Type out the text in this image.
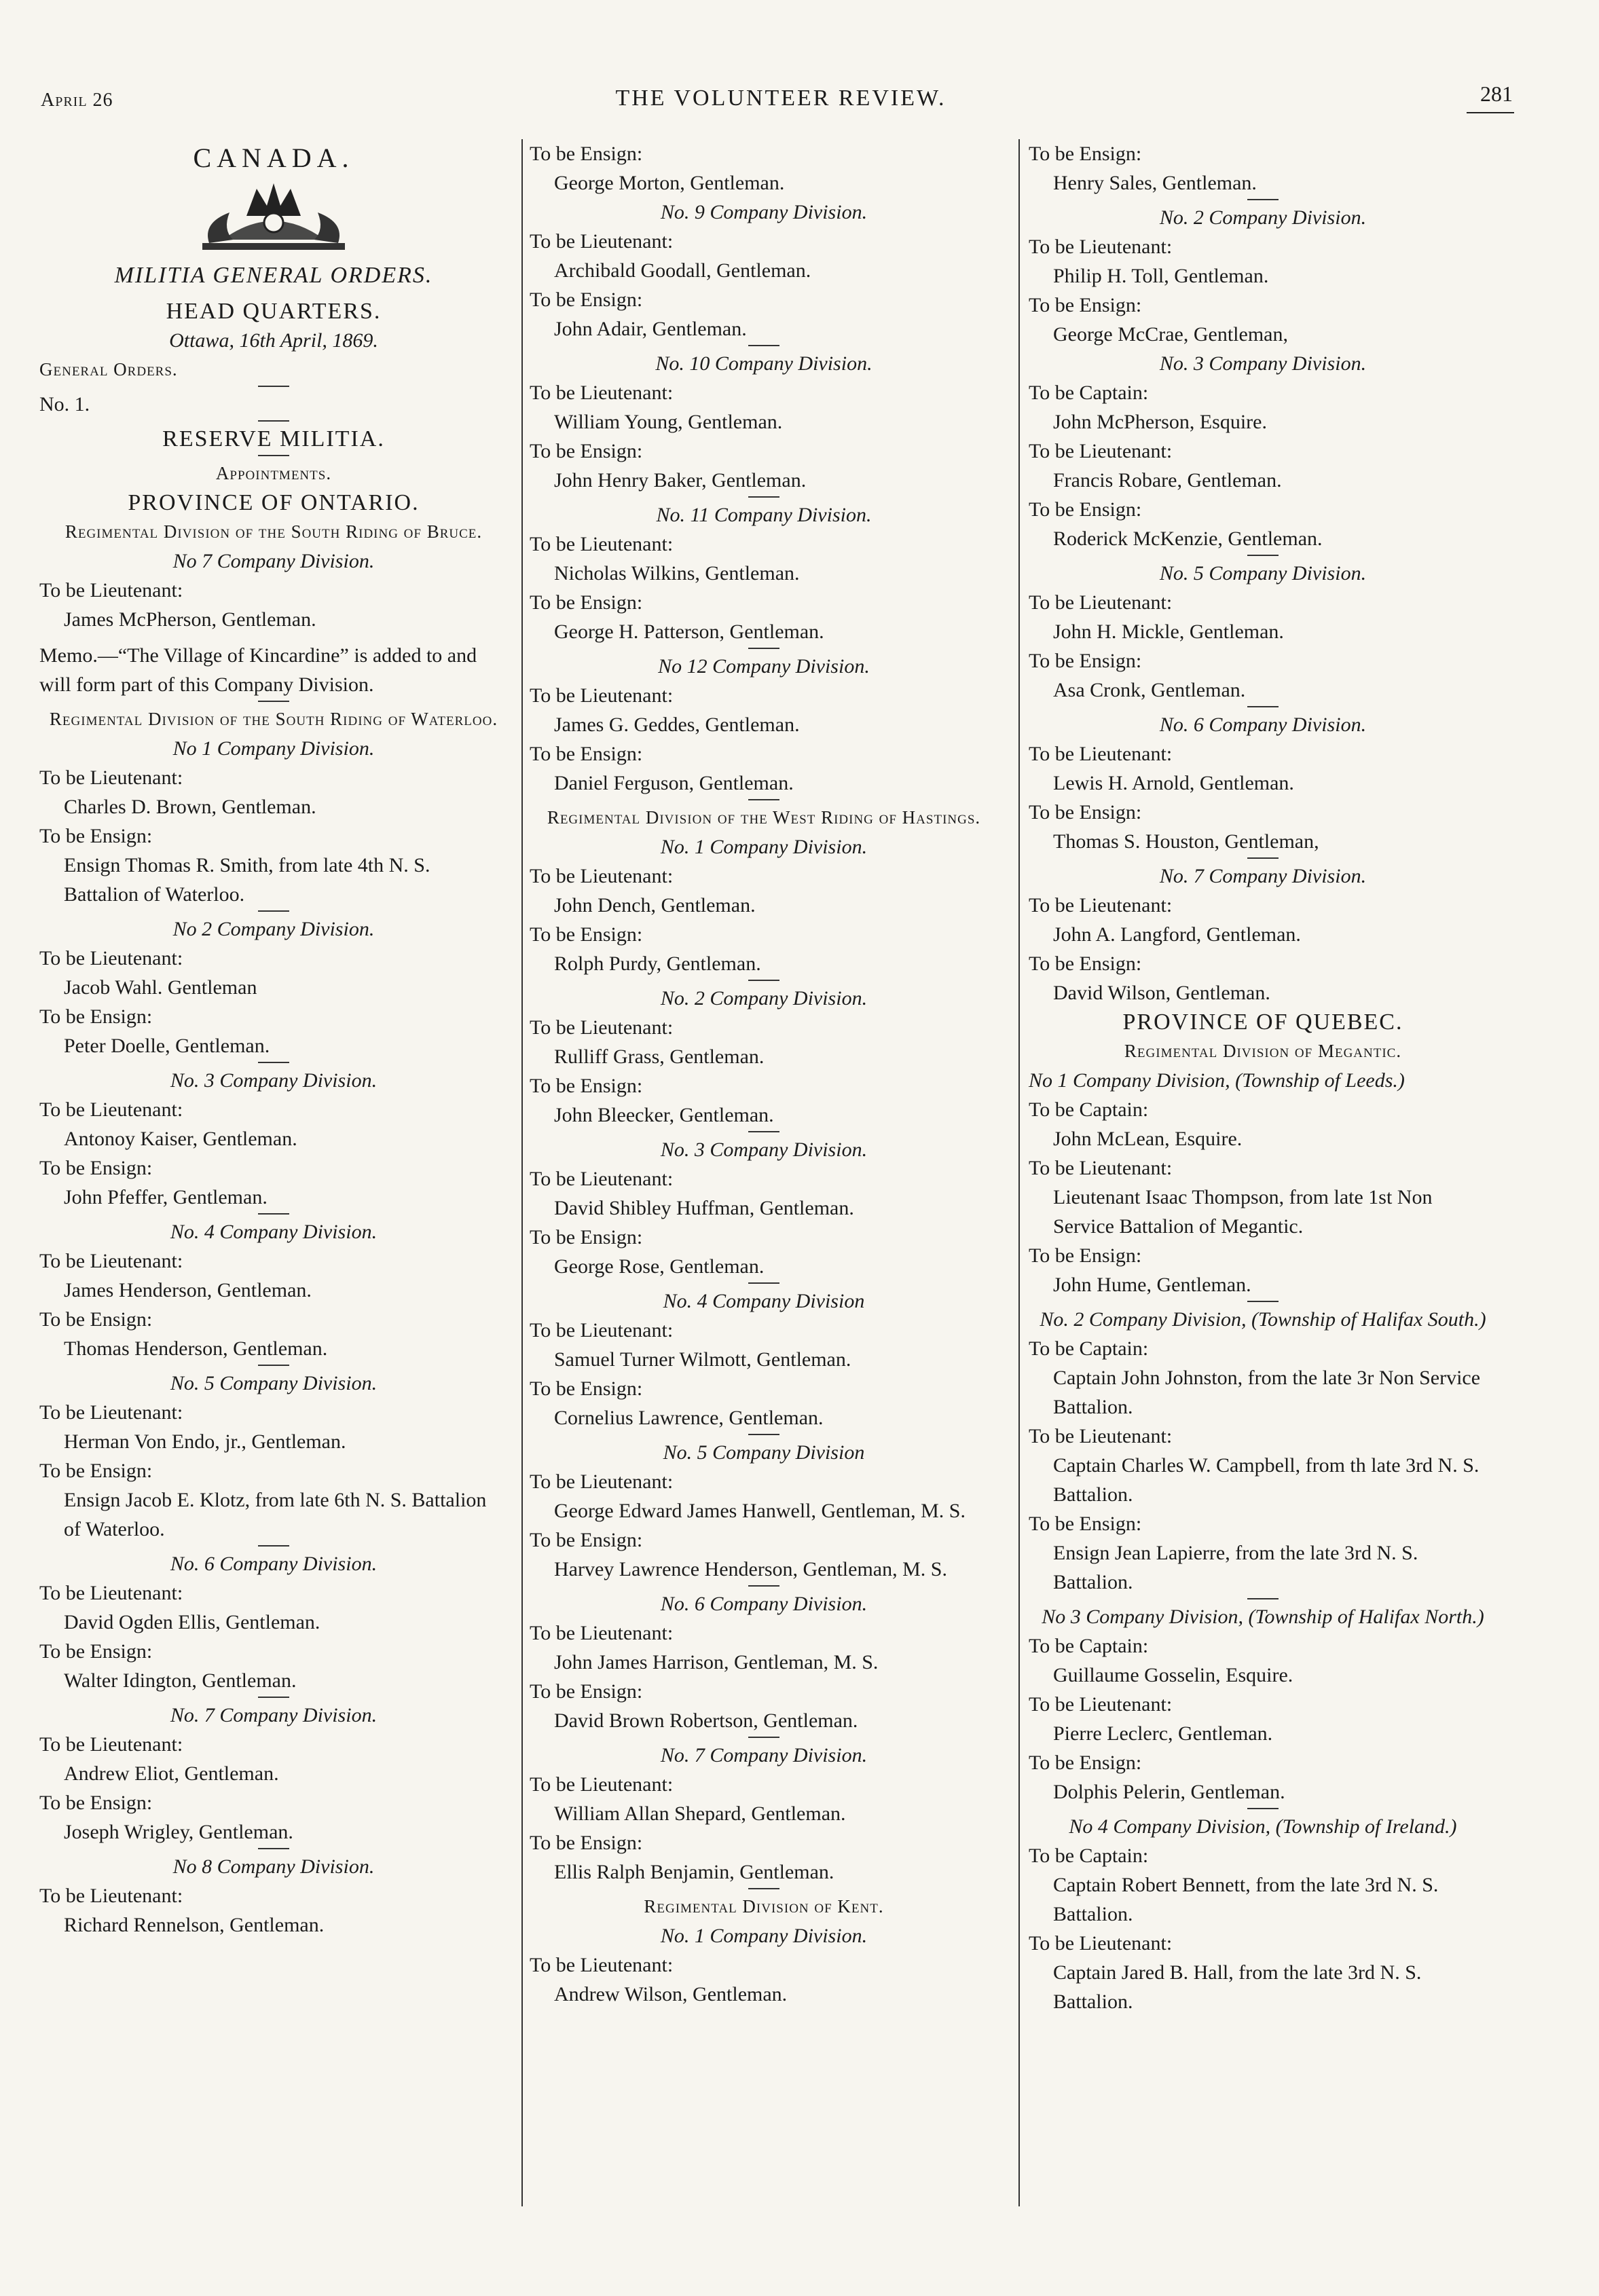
April 26	THE VOLUNTEER REVIEW.	281
CANADA.
MILITIA GENERAL ORDERS.
HEAD QUARTERS.
Ottawa, 16th April, 1869.
General Orders.
No. 1.
RESERVE MILITIA.
Appointments.
PROVINCE OF ONTARIO.
Regimental Division of the South Riding of Bruce.
No 7 Company Division.
To be Lieutenant:
James McPherson, Gentleman.
Memo.—“The Village of Kincardine” is added to and will form part of this Company Division.
Regimental Division of the South Riding of Waterloo.
No 1 Company Division.
To be Lieutenant:
Charles D. Brown, Gentleman.
To be Ensign:
Ensign Thomas R. Smith, from late 4th N. S. Battalion of Waterloo.
No 2 Company Division.
To be Lieutenant:
Jacob Wahl. Gentleman
To be Ensign:
Peter Doelle, Gentleman.
No. 3 Company Division.
To be Lieutenant:
Antonoy Kaiser, Gentleman.
To be Ensign:
John Pfeffer, Gentleman.
No. 4 Company Division.
To be Lieutenant:
James Henderson, Gentleman.
To be Ensign:
Thomas Henderson, Gentleman.
No. 5 Company Division.
To be Lieutenant:
Herman Von Endo, jr., Gentleman.
To be Ensign:
Ensign Jacob E. Klotz, from late 6th N. S. Battalion of Waterloo.
No. 6 Company Division.
To be Lieutenant:
David Ogden Ellis, Gentleman.
To be Ensign:
Walter Idington, Gentleman.
No. 7 Company Division.
To be Lieutenant:
Andrew Eliot, Gentleman.
To be Ensign:
Joseph Wrigley, Gentleman.
No 8 Company Division.
To be Lieutenant:
Richard Rennelson, Gentleman.
To be Ensign:
George Morton, Gentleman.
No. 9 Company Division.
To be Lieutenant:
Archibald Goodall, Gentleman.
To be Ensign:
John Adair, Gentleman.
No. 10 Company Division.
To be Lieutenant:
William Young, Gentleman.
To be Ensign:
John Henry Baker, Gentleman.
No. 11 Company Division.
To be Lieutenant:
Nicholas Wilkins, Gentleman.
To be Ensign:
George H. Patterson, Gentleman.
No 12 Company Division.
To be Lieutenant:
James G. Geddes, Gentleman.
To be Ensign:
Daniel Ferguson, Gentleman.
Regimental Division of the West Riding of Hastings.
No. 1 Company Division.
To be Lieutenant:
John Dench, Gentleman.
To be Ensign:
Rolph Purdy, Gentleman.
No. 2 Company Division.
To be Lieutenant:
Rulliff Grass, Gentleman.
To be Ensign:
John Bleecker, Gentleman.
No. 3 Company Division.
To be Lieutenant:
David Shibley Huffman, Gentleman.
To be Ensign:
George Rose, Gentleman.
No. 4 Company Division
To be Lieutenant:
Samuel Turner Wilmott, Gentleman.
To be Ensign:
Cornelius Lawrence, Gentleman.
No. 5 Company Division
To be Lieutenant:
George Edward James Hanwell, Gentleman, M. S.
To be Ensign:
Harvey Lawrence Henderson, Gentleman, M. S.
No. 6 Company Division.
To be Lieutenant:
John James Harrison, Gentleman, M. S.
To be Ensign:
David Brown Robertson, Gentleman.
No. 7 Company Division.
To be Lieutenant:
William Allan Shepard, Gentleman.
To be Ensign:
Ellis Ralph Benjamin, Gentleman.
Regimental Division of Kent.
No. 1 Company Division.
To be Lieutenant:
Andrew Wilson, Gentleman.
To be Ensign:
Henry Sales, Gentleman.
No. 2 Company Division.
To be Lieutenant:
Philip H. Toll, Gentleman.
To be Ensign:
George McCrae, Gentleman,
No. 3 Company Division.
To be Captain:
John McPherson, Esquire.
To be Lieutenant:
Francis Robare, Gentleman.
To be Ensign:
Roderick McKenzie, Gentleman.
No. 5 Company Division.
To be Lieutenant:
John H. Mickle, Gentleman.
To be Ensign:
Asa Cronk, Gentleman.
No. 6 Company Division.
To be Lieutenant:
Lewis H. Arnold, Gentleman.
To be Ensign:
Thomas S. Houston, Gentleman,
No. 7 Company Division.
To be Lieutenant:
John A. Langford, Gentleman.
To be Ensign:
David Wilson, Gentleman.
PROVINCE OF QUEBEC.
Regimental Division of Megantic.
No 1 Company Division, (Township of Leeds.)
To be Captain:
John McLean, Esquire.
To be Lieutenant:
Lieutenant Isaac Thompson, from late 1st Non Service Battalion of Megantic.
To be Ensign:
John Hume, Gentleman.
No. 2 Company Division, (Township of Halifax South.)
To be Captain:
Captain John Johnston, from the late 3r Non Service Battalion.
To be Lieutenant:
Captain Charles W. Campbell, from th late 3rd N. S. Battalion.
To be Ensign:
Ensign Jean Lapierre, from the late 3rd N. S. Battalion.
No 3 Company Division, (Township of Halifax North.)
To be Captain:
Guillaume Gosselin, Esquire.
To be Lieutenant:
Pierre Leclerc, Gentleman.
To be Ensign:
Dolphis Pelerin, Gentleman.
No 4 Company Division, (Township of Ireland.)
To be Captain:
Captain Robert Bennett, from the late 3rd N. S. Battalion.
To be Lieutenant:
Captain Jared B. Hall, from the late 3rd N. S. Battalion.
